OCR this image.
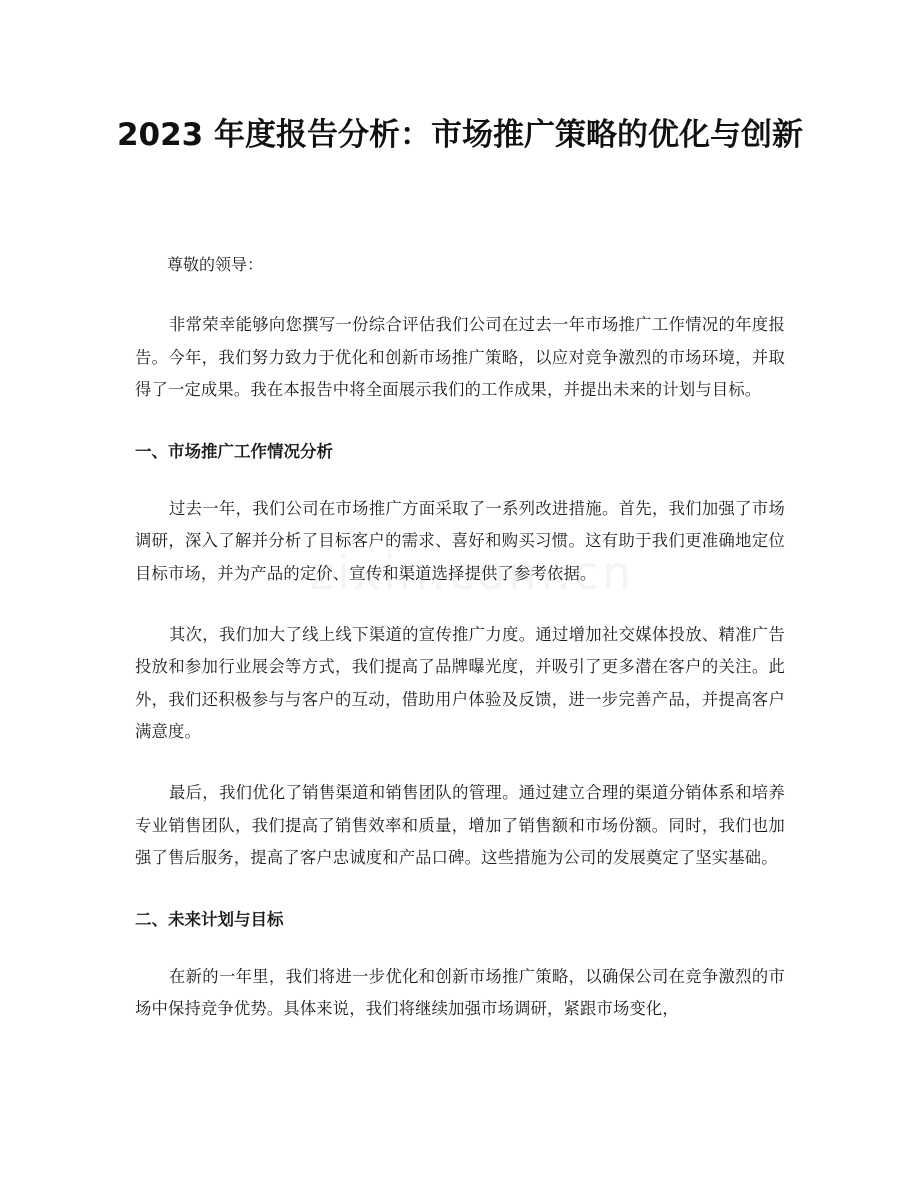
2023 年度报告分析：市场推广策略的优化与创新

尊敬的领导：

非常荣幸能够向您撰写一份综合评估我们公司在过去一年市场推广工作情况的年度报告。今年，我们努力致力于优化和创新市场推广策略，以应对竞争激烈的市场环境，并取得了一定成果。我在本报告中将全面展示我们的工作成果，并提出未来的计划与目标。

一、市场推广工作情况分析

过去一年，我们公司在市场推广方面采取了一系列改进措施。首先，我们加强了市场调研，深入了解并分析了目标客户的需求、喜好和购买习惯。这有助于我们更准确地定位目标市场，并为产品的定价、宣传和渠道选择提供了参考依据。

其次，我们加大了线上线下渠道的宣传推广力度。通过增加社交媒体投放、精准广告投放和参加行业展会等方式，我们提高了品牌曝光度，并吸引了更多潜在客户的关注。此外，我们还积极参与与客户的互动，借助用户体验及反馈，进一步完善产品，并提高客户满意度。

最后，我们优化了销售渠道和销售团队的管理。通过建立合理的渠道分销体系和培养专业销售团队，我们提高了销售效率和质量，增加了销售额和市场份额。同时，我们也加强了售后服务，提高了客户忠诚度和产品口碑。这些措施为公司的发展奠定了坚实基础。

二、未来计划与目标

在新的一年里，我们将进一步优化和创新市场推广策略，以确保公司在竞争激烈的市场中保持竞争优势。具体来说，我们将继续加强市场调研，紧跟市场变化，
